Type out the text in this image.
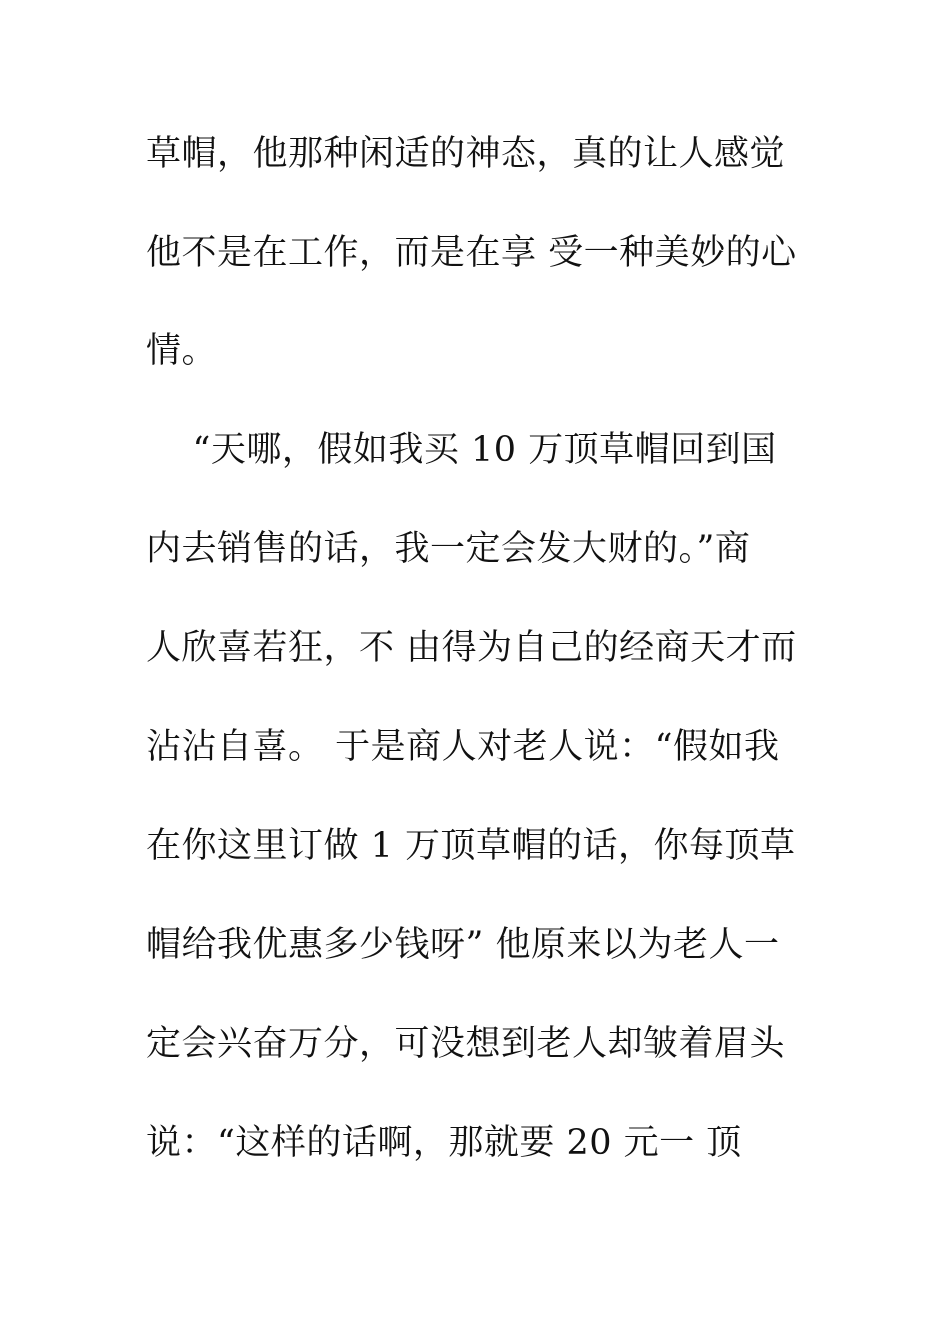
草帽，他那种闲适的神态，真的让人感觉
他不是在工作，而是在享 受一种美妙的心
情。
“天哪，假如我买 10 万顶草帽回到国
内去销售的话，我一定会发大财的。”商
人欣喜若狂，不 由得为自己的经商天才而
沾沾自喜。 于是商人对老人说：“假如我
在你这里订做 1 万顶草帽的话，你每顶草
帽给我优惠多少钱呀” 他原来以为老人一
定会兴奋万分，可没想到老人却皱着眉头
说：“这样的话啊，那就要 20 元一 顶
